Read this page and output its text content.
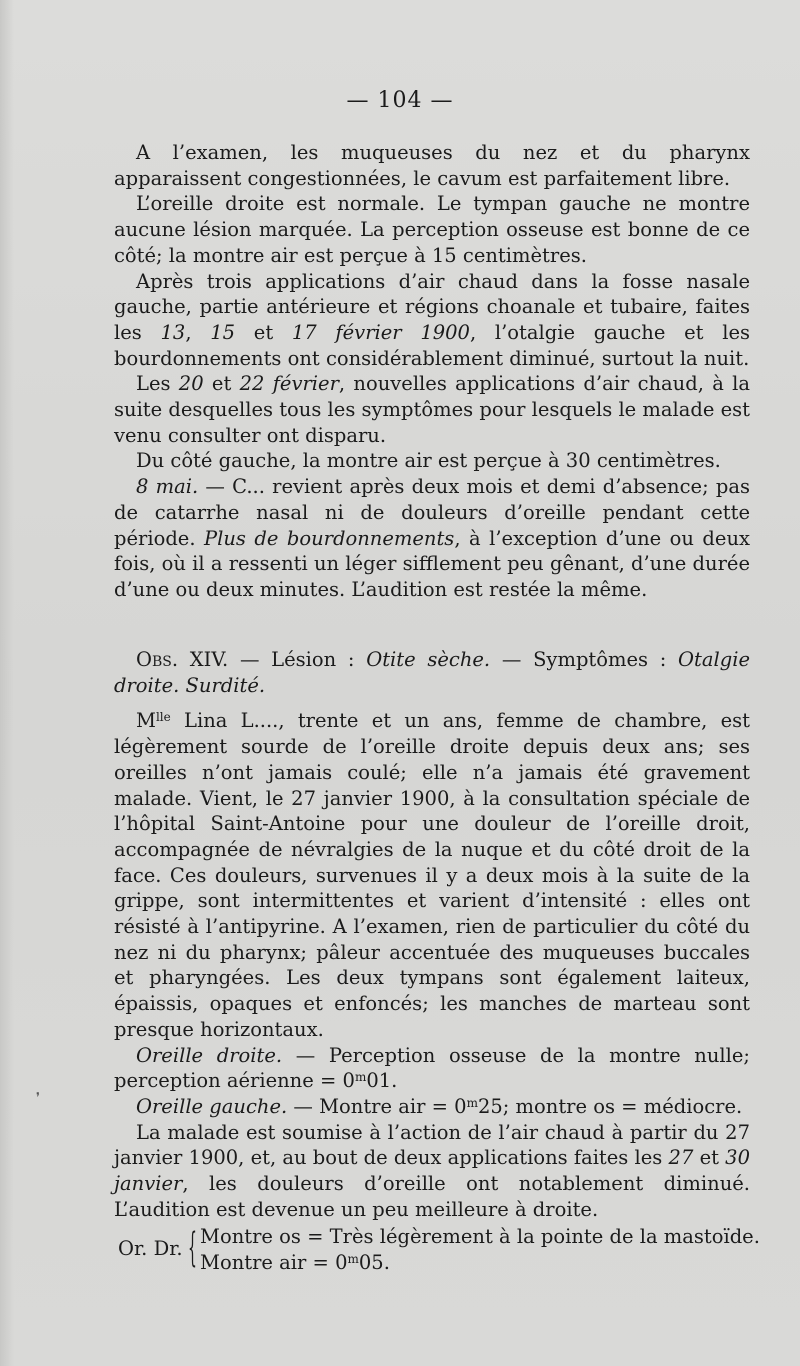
— 104 —

A l’examen, les muqueuses du nez et du pharynx apparaissent congestionnées, le cavum est parfaitement libre.

L’oreille droite est normale. Le tympan gauche ne montre aucune lésion marquée. La perception osseuse est bonne de ce côté; la montre air est perçue à 15 centimètres.

Après trois applications d’air chaud dans la fosse nasale gauche, partie antérieure et régions choanale et tubaire, faites les 13, 15 et 17 février 1900, l’otalgie gauche et les bourdonnements ont considérablement diminué, surtout la nuit.

Les 20 et 22 février, nouvelles applications d’air chaud, à la suite desquelles tous les symptômes pour lesquels le malade est venu consulter ont disparu.

Du côté gauche, la montre air est perçue à 30 centimètres.

8 mai. — C... revient après deux mois et demi d’absence; pas de catarrhe nasal ni de douleurs d’oreille pendant cette période. Plus de bourdonnements, à l’exception d’une ou deux fois, où il a ressenti un léger sifflement peu gênant, d’une durée d’une ou deux minutes. L’audition est restée la même.

Obs. XIV. — Lésion : Otite sèche. — Symptômes : Otalgie droite. Surdité.

$M^{lle}$ Lina L...., trente et un ans, femme de chambre, est légèrement sourde de l’oreille droite depuis deux ans; ses oreilles n’ont jamais coulé; elle n’a jamais été gravement malade. Vient, le 27 janvier 1900, à la consultation spéciale de l’hôpital Saint-Antoine pour une douleur de l’oreille droit, accompagnée de névralgies de la nuque et du côté droit de la face. Ces douleurs, survenues il y a deux mois à la suite de la grippe, sont intermittentes et varient d’intensité : elles ont résisté à l’antipyrine. A l’examen, rien de particulier du côté du nez ni du pharynx; pâleur accentuée des muqueuses buccales et pharyngées. Les deux tympans sont également laiteux, épaissis, opaques et enfoncés; les manches de marteau sont presque horizontaux.

Oreille droite. — Perception osseuse de la montre nulle; perception aérienne = $0^m01$.

Oreille gauche. — Montre air = $0^m25$; montre os = médiocre.

La malade est soumise à l’action de l’air chaud à partir du 27 janvier 1900, et, au bout de deux applications faites les 27 et 30 janvier, les douleurs d’oreille ont notablement diminué. L’audition est devenue un peu meilleure à droite.

Or. Dr. { Montre os = Très légèrement à la pointe de la mastoïde.
Montre air = $0^m05$.
❜
